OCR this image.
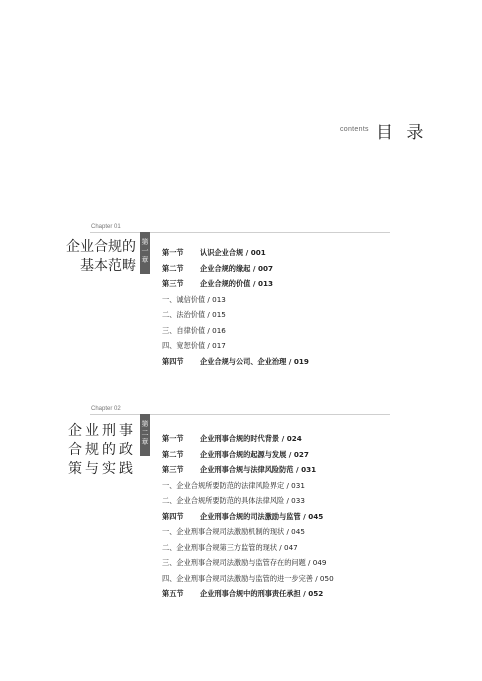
contents 目 录
Chapter 01
第一章
企业合规的
基本范畴
第一节 认识企业合规 / 001
第二节 企业合规的缘起 / 007
第三节 企业合规的价值 / 013
一、诚信价值 / 013
二、法治价值 / 015
三、自律价值 / 016
四、宽恕价值 / 017
第四节 企业合规与公司、企业治理 / 019
Chapter 02
第二章
企业刑事
合规的政
策与实践
第一节 企业刑事合规的时代背景 / 024
第二节 企业刑事合规的起源与发展 / 027
第三节 企业刑事合规与法律风险防范 / 031
一、企业合规所要防范的法律风险界定 / 031
二、企业合规所要防范的具体法律风险 / 033
第四节 企业刑事合规的司法激励与监管 / 045
一、企业刑事合规司法激励机制的现状 / 045
二、企业刑事合规第三方监管的现状 / 047
三、企业刑事合规司法激励与监管存在的问题 / 049
四、企业刑事合规司法激励与监管的进一步完善 / 050
第五节 企业刑事合规中的刑事责任承担 / 052
